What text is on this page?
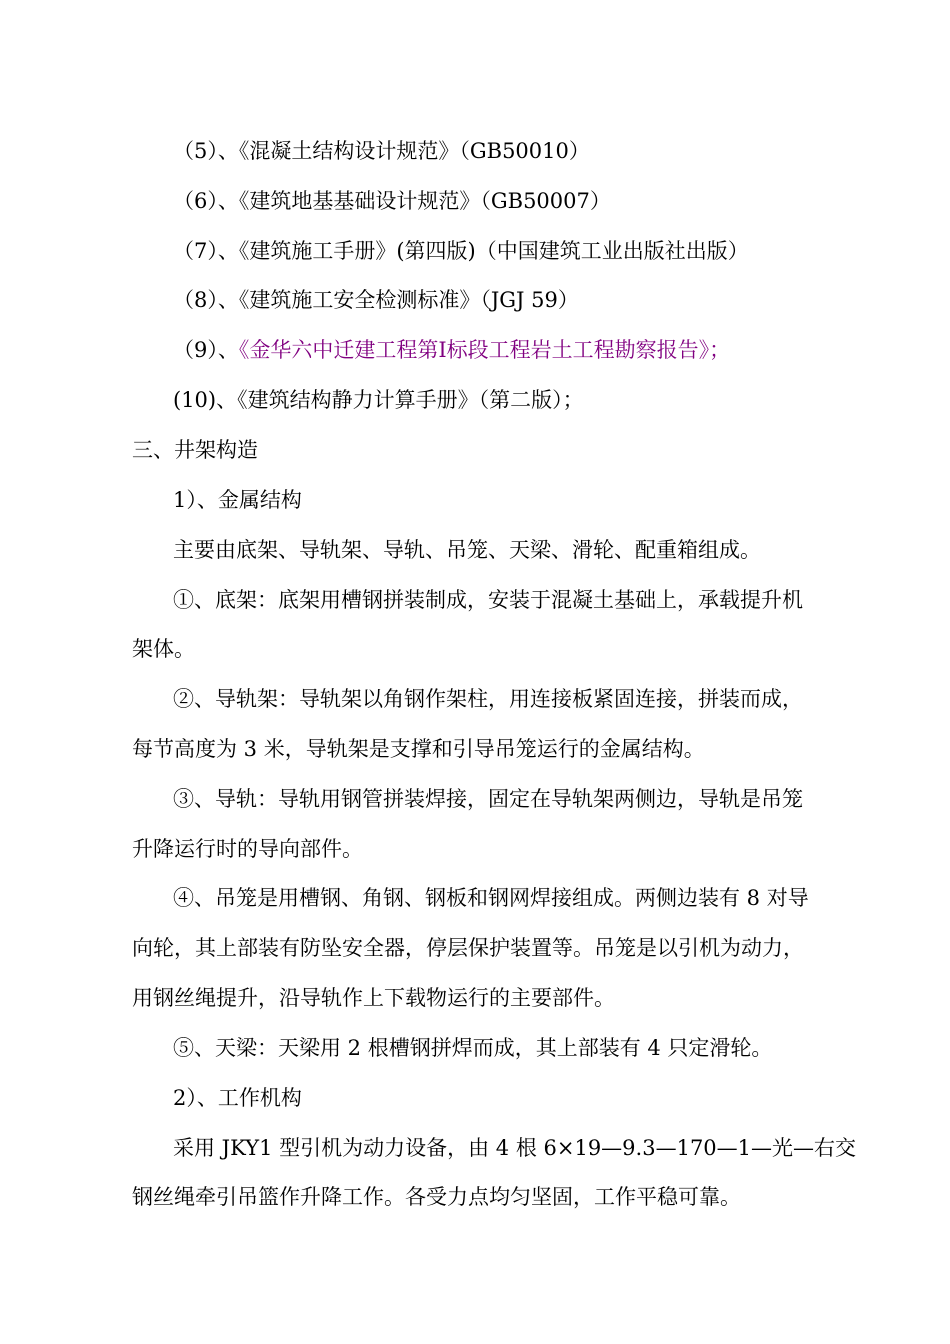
（5）、《混凝土结构设计规范》（GB50010）
（6）、《建筑地基基础设计规范》（GB50007）
（7）、《建筑施工手册》(第四版)（中国建筑工业出版社出版）
（8）、《建筑施工安全检测标准》（JGJ 59）
（9）、《金华六中迁建工程第Ⅰ标段工程岩土工程勘察报告》；
(10)、《建筑结构静力计算手册》（第二版）；
三、井架构造
1）、金属结构
主要由底架、导轨架、导轨、吊笼、天梁、滑轮、配重箱组成。
①、底架：底架用槽钢拼装制成，安装于混凝土基础上，承载提升机
架体。
②、导轨架：导轨架以角钢作架柱，用连接板紧固连接，拼装而成，
每节高度为 3 米，导轨架是支撑和引导吊笼运行的金属结构。
③、导轨：导轨用钢管拼装焊接，固定在导轨架两侧边，导轨是吊笼
升降运行时的导向部件。
④、吊笼是用槽钢、角钢、钢板和钢网焊接组成。两侧边装有 8 对导
向轮，其上部装有防坠安全器，停层保护装置等。吊笼是以引机为动力，
用钢丝绳提升，沿导轨作上下载物运行的主要部件。
⑤、天梁：天梁用 2 根槽钢拼焊而成，其上部装有 4 只定滑轮。
2）、工作机构
采用 JKY1 型引机为动力设备，由 4 根 6×19—9.3—170—1—光—右交
钢丝绳牵引吊篮作升降工作。各受力点均匀坚固，工作平稳可靠。
